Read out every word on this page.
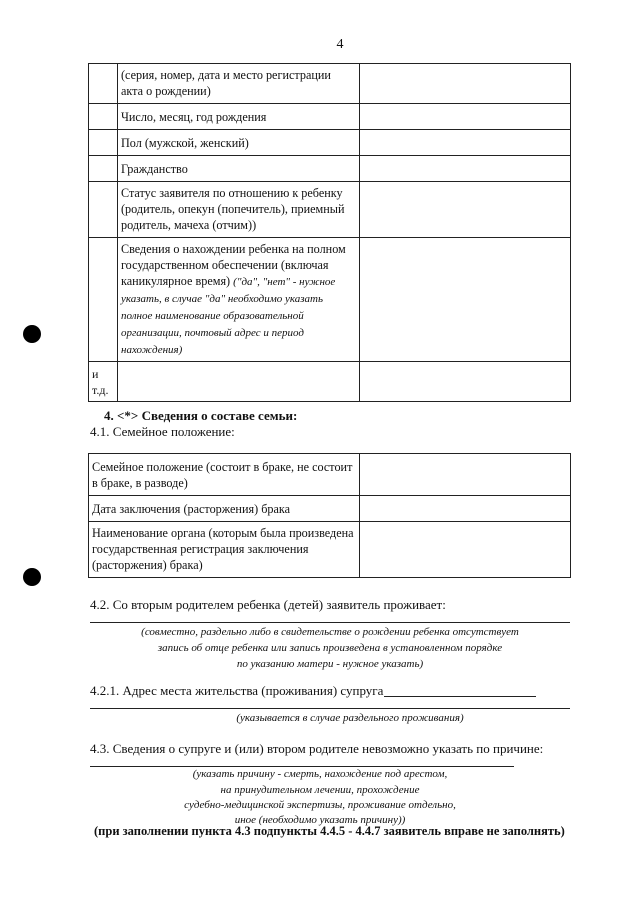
4
	(серия, номер, дата и место регистрации акта о рождении)	
	Число, месяц, год рождения	
	Пол (мужской, женский)	
	Гражданство	
	Статус заявителя по отношению к ребенку (родитель, опекун (попечитель), приемный родитель, мачеха (отчим))	
	Сведения о нахождении ребенка на полном государственном обеспечении (включая каникулярное время) ("да", "нет" - нужное указать, в случае "да" необходимо указать полное наименование образовательной организации, почтовый адрес и период нахождения)	
и т.д.		
4. <*> Сведения о составе семьи:
4.1. Семейное положение:
Семейное положение (состоит в браке, не состоит в браке, в разводе)	
Дата заключения (расторжения) брака	
Наименование органа (которым была произведена государственная регистрация заключения (расторжения) брака)	
4.2. Со вторым родителем ребенка (детей) заявитель проживает:
(совместно, раздельно либо в свидетельстве о рождении ребенка отсутствует
запись об отце ребенка или запись произведена в установленном порядке
по указанию матери - нужное указать)
4.2.1. Адрес места жительства (проживания) супруга
(указывается в случае раздельного проживания)
4.3. Сведения о супруге и (или) втором родителе невозможно указать по причине:
(указать причину - смерть, нахождение под арестом,
на принудительном лечении, прохождение
судебно-медицинской экспертизы, проживание отдельно,
иное (необходимо указать причину))
(при заполнении пункта 4.3 подпункты 4.4.5 - 4.4.7 заявитель вправе не заполнять)
